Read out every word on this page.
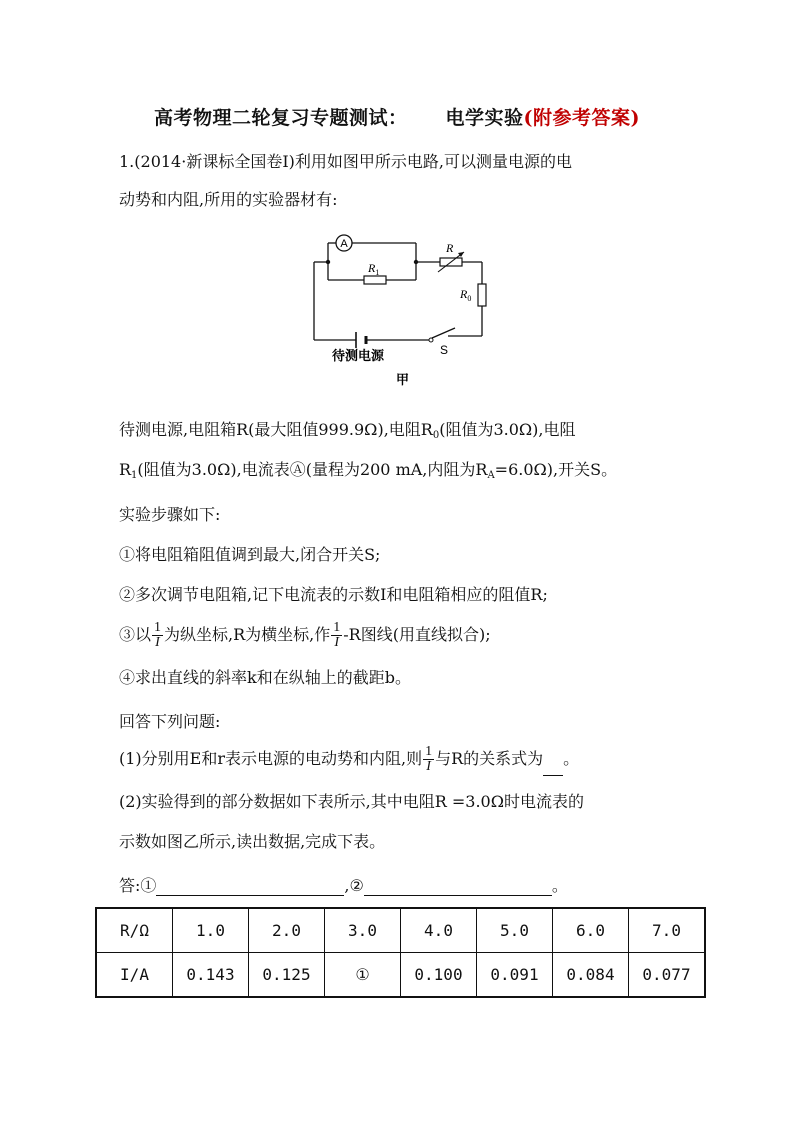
高考物理二轮复习专题测试： 电学实验(附参考答案)
1.(2014·新课标全国卷Ⅰ)利用如图甲所示电路,可以测量电源的电
动势和内阻,所用的实验器材有:
A
$R_1$
R
$R_0$
S
待测电源
甲
待测电源,电阻箱R(最大阻值999.9Ω),电阻$R_0$(阻值为3.0Ω),电阻
$R_1$(阻值为3.0Ω),电流表Ⓐ(量程为200 mA,内阻为$R_A=6.0\Omega$),开关S。
实验步骤如下:
①将电阻箱阻值调到最大,闭合开关S;
②多次调节电阻箱,记下电流表的示数I和电阻箱相应的阻值R;
③以 $\frac{1}{I}$ 为纵坐标,R为横坐标,作 $\frac{1}{I} -R$图线(用直线拟合);
④求出直线的斜率k和在纵轴上的截距b。
回答下列问题:
(1)分别用E和r表示电源的电动势和内阻,则 $\frac{1}{I}$ 与R的关系式为 。
(2)实验得到的部分数据如下表所示,其中电阻R =3.0Ω时电流表的
示数如图乙所示,读出数据,完成下表。
答:①	,②	。
R/Ω	1.0	2.0	3.0	4.0	5.0	6.0	7.0
I/A	0.143	0.125	①	0.100	0.091	0.084	0.077
